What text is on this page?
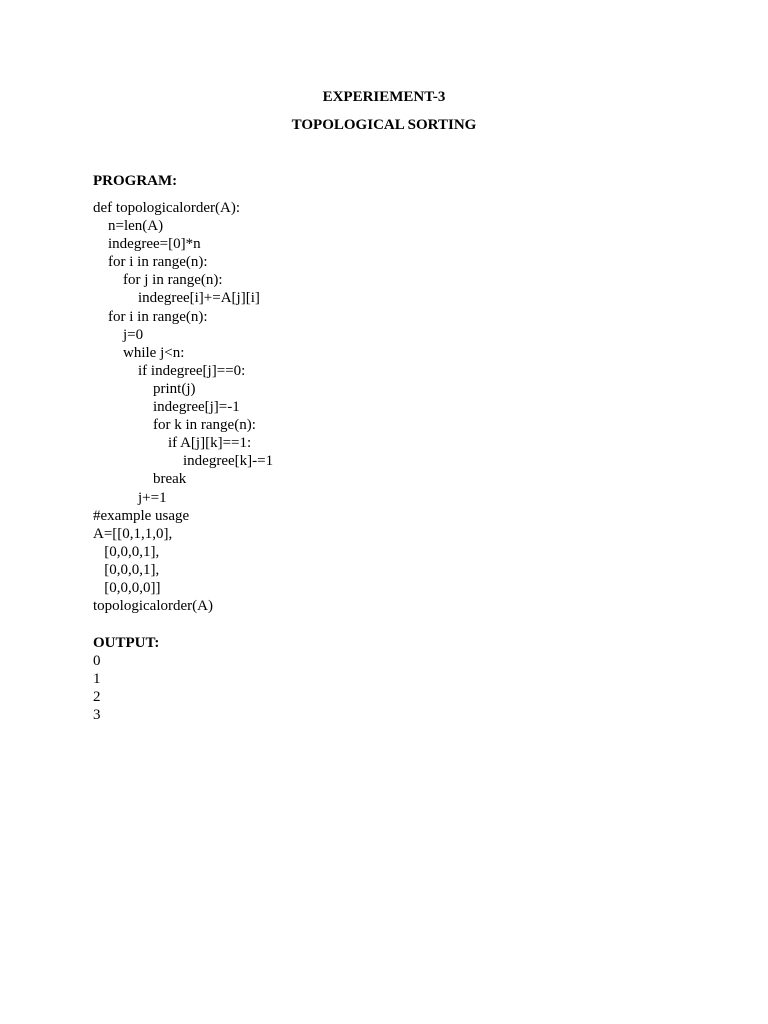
EXPERIEMENT-3
TOPOLOGICAL SORTING
PROGRAM:
def topologicalorder(A):
n=len(A)
indegree=[0]*n
for i in range(n):
for j in range(n):
indegree[i]+=A[j][i]
for i in range(n):
j=0
while j<n:
if indegree[j]==0:
print(j)
indegree[j]=-1
for k in range(n):
if A[j][k]==1:
indegree[k]-=1
break
j+=1
#example usage
A=[[0,1,1,0],
[0,0,0,1],
[0,0,0,1],
[0,0,0,0]]
topologicalorder(A)
OUTPUT:
0
1
2
3
